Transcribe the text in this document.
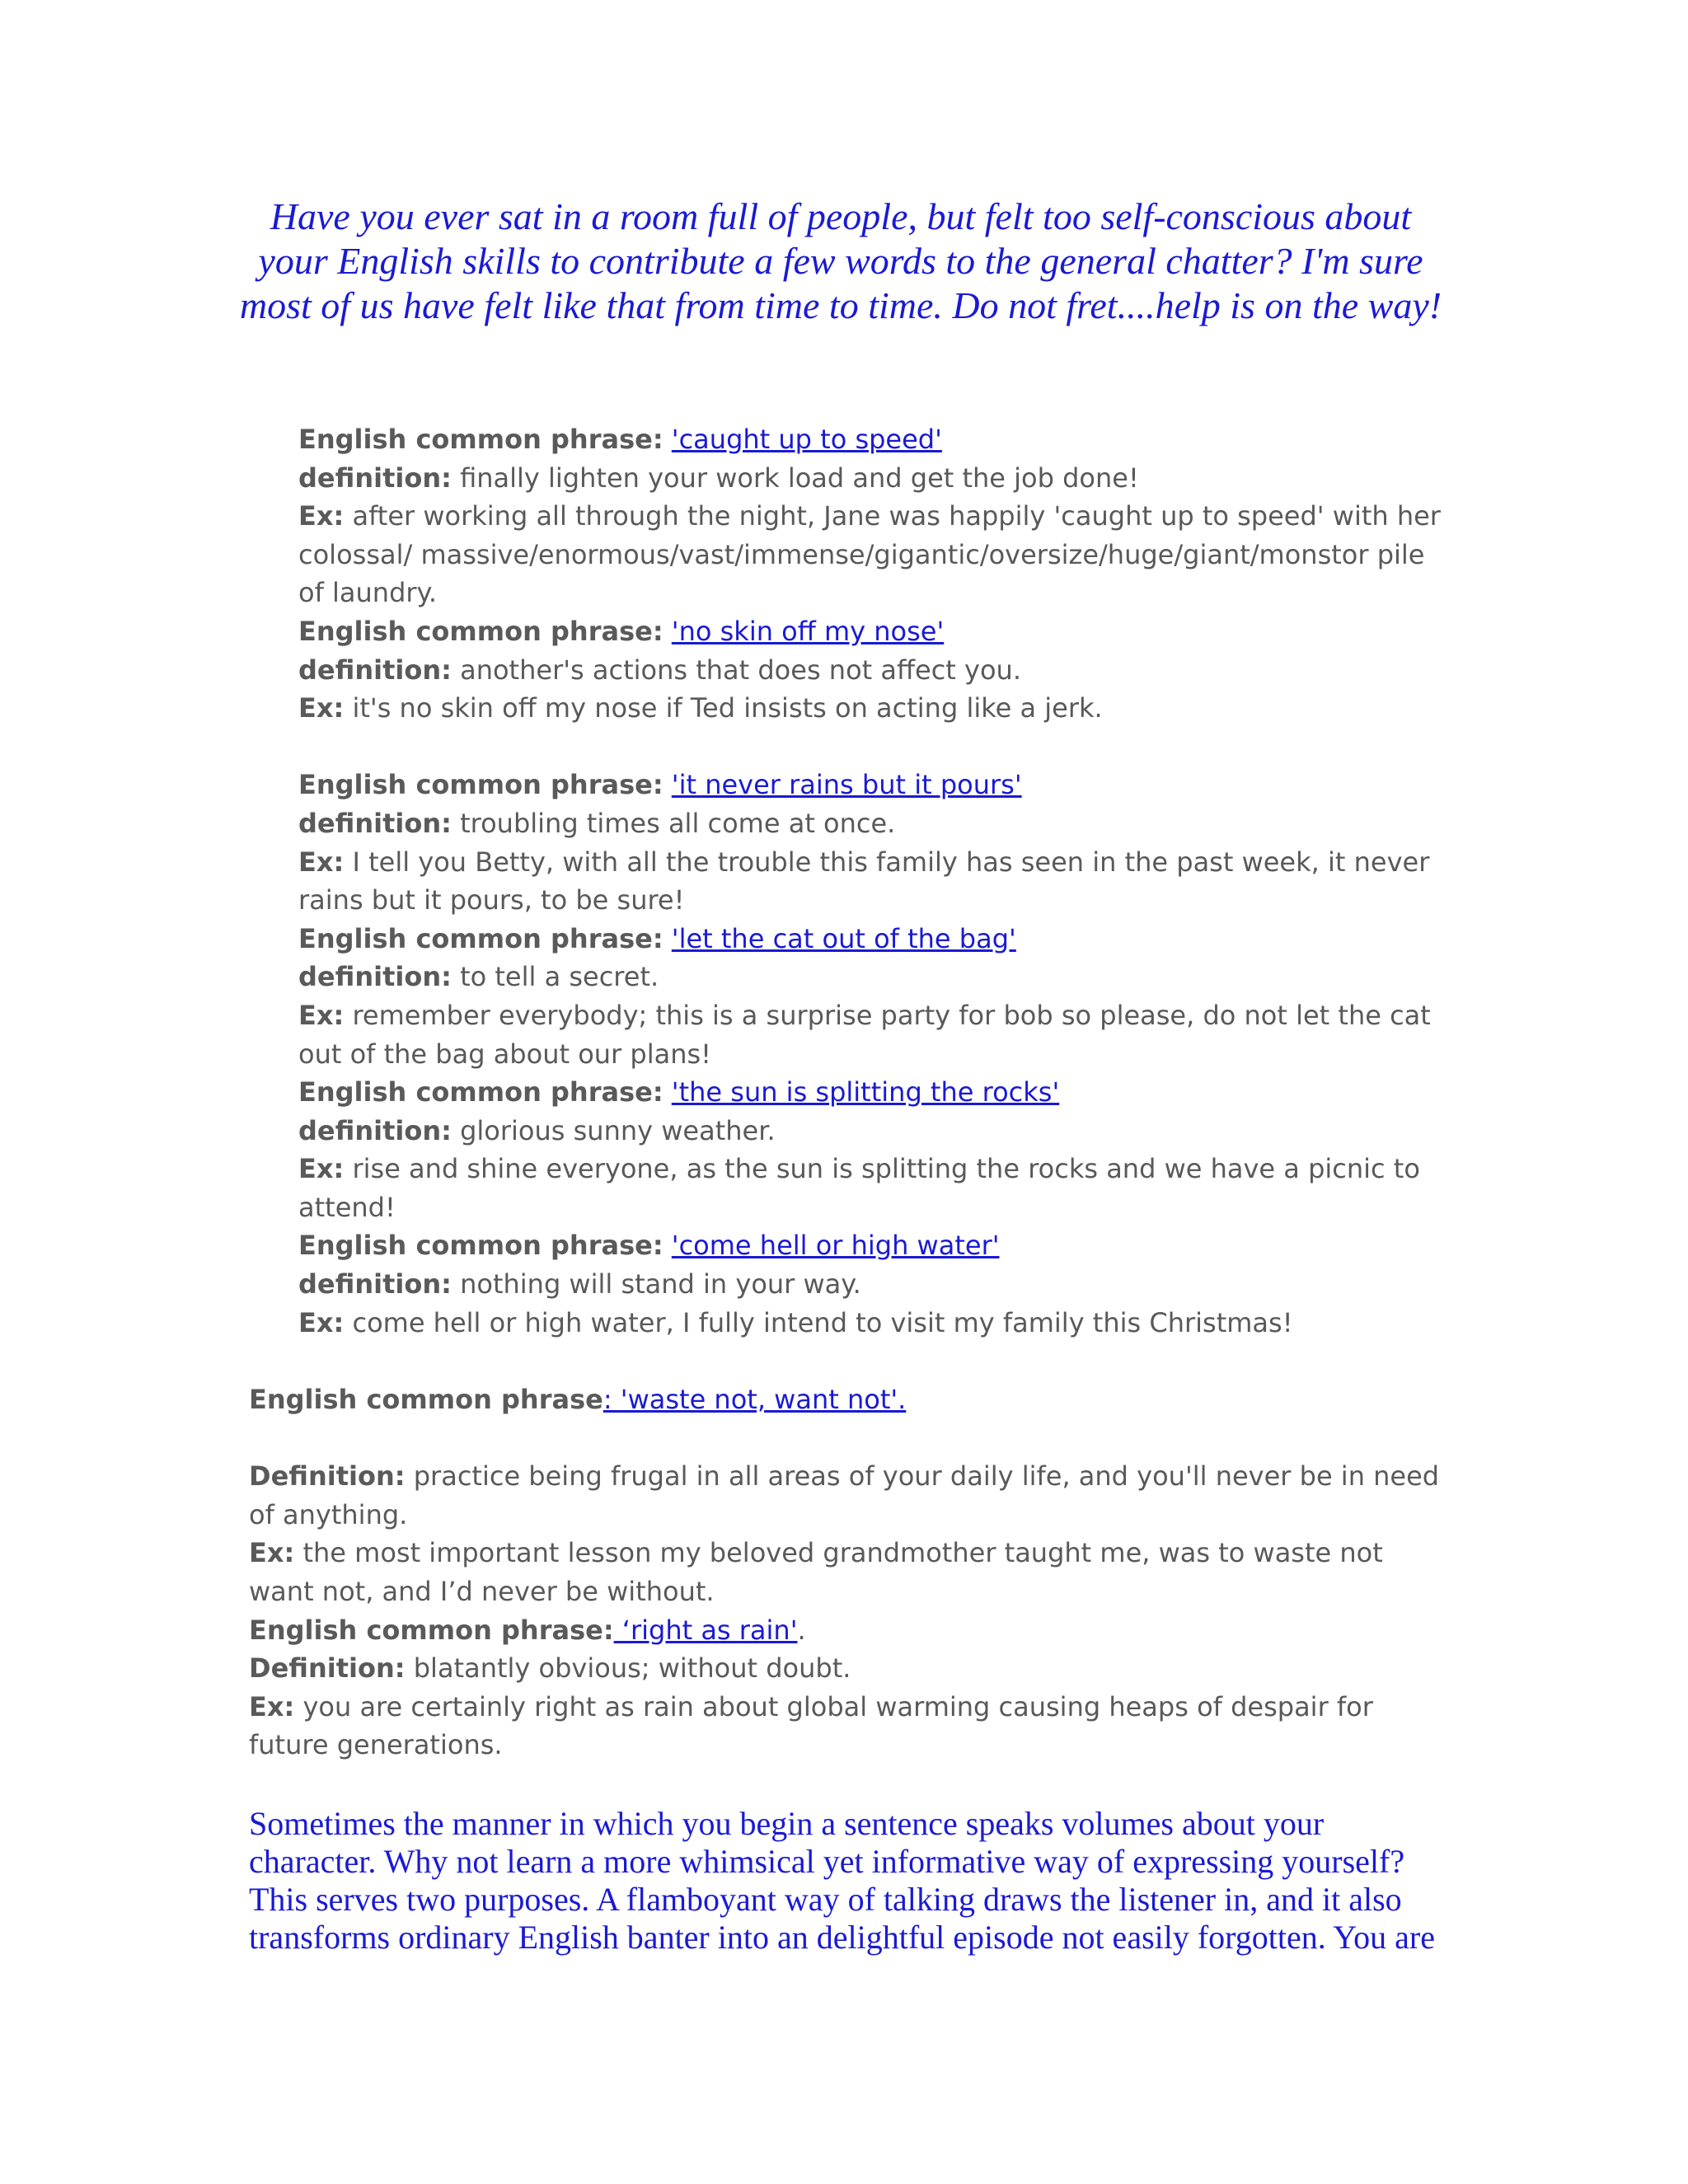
Have you ever sat in a room full of people, but felt too self-conscious about your English skills to contribute a few words to the general chatter? I'm sure most of us have felt like that from time to time. Do not fret....help is on the way!

English common phrase: 'caught up to speed'
definition: finally lighten your work load and get the job done!
Ex: after working all through the night, Jane was happily 'caught up to speed' with her colossal/ massive/enormous/vast/immense/gigantic/oversize/huge/giant/monstor pile of laundry.
English common phrase: 'no skin off my nose'
definition: another's actions that does not affect you.
Ex: it's no skin off my nose if Ted insists on acting like a jerk.
English common phrase: 'it never rains but it pours'
definition: troubling times all come at once.
Ex: I tell you Betty, with all the trouble this family has seen in the past week, it never rains but it pours, to be sure!
English common phrase: 'let the cat out of the bag'
definition: to tell a secret.
Ex: remember everybody; this is a surprise party for bob so please, do not let the cat out of the bag about our plans!
English common phrase: 'the sun is splitting the rocks'
definition: glorious sunny weather.
Ex: rise and shine everyone, as the sun is splitting the rocks and we have a picnic to attend!
English common phrase: 'come hell or high water'
definition: nothing will stand in your way.
Ex: come hell or high water, I fully intend to visit my family this Christmas!
English common phrase: 'waste not, want not'.
Definition: practice being frugal in all areas of your daily life, and you'll never be in need of anything.
Ex: the most important lesson my beloved grandmother taught me, was to waste not want not, and I’d never be without.
English common phrase: ‘right as rain'.
Definition: blatantly obvious; without doubt.
Ex: you are certainly right as rain about global warming causing heaps of despair for future generations.

Sometimes the manner in which you begin a sentence speaks volumes about your character. Why not learn a more whimsical yet informative way of expressing yourself? This serves two purposes. A flamboyant way of talking draws the listener in, and it also transforms ordinary English banter into an delightful episode not easily forgotten. You are
